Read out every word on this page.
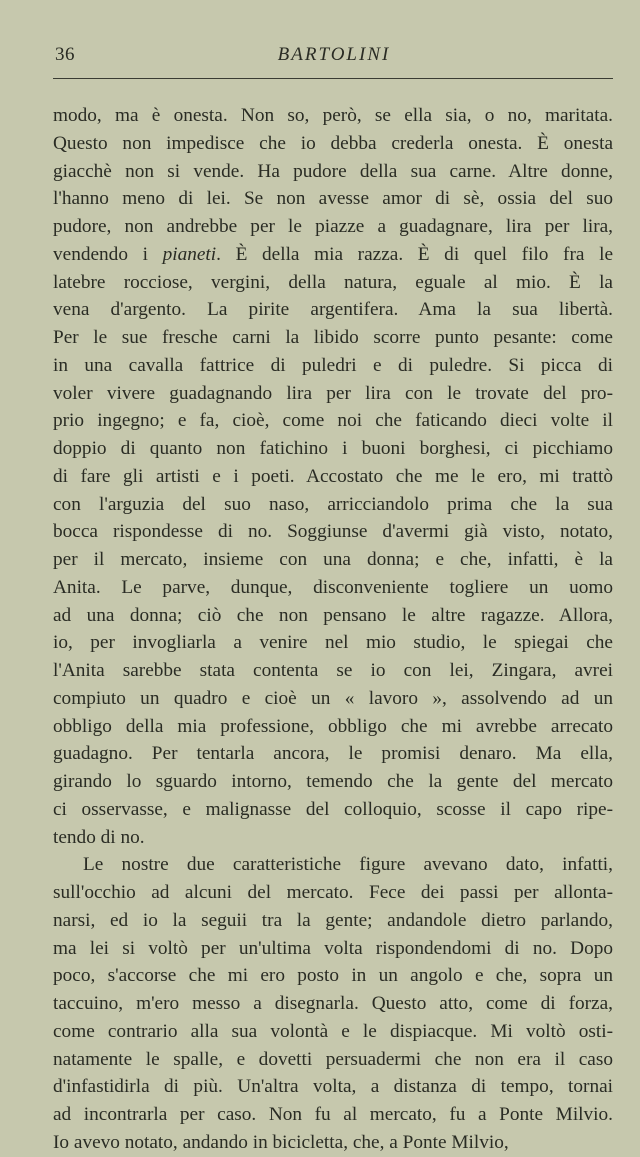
36	BARTOLINI
modo, ma è onesta. Non so, però, se ella sia, o no, maritata.
Questo non impedisce che io debba crederla onesta. È onesta
giacchè non si vende. Ha pudore della sua carne. Altre donne,
l'hanno meno di lei. Se non avesse amor di sè, ossia del suo
pudore, non andrebbe per le piazze a guadagnare, lira per lira,
vendendo i pianeti. È della mia razza. È di quel filo fra le
latebre rocciose, vergini, della natura, eguale al mio. È la
vena d'argento. La pirite argentifera. Ama la sua libertà.
Per le sue fresche carni la libido scorre punto pesante: come
in una cavalla fattrice di puledri e di puledre. Si picca di
voler vivere guadagnando lira per lira con le trovate del pro-
prio ingegno; e fa, cioè, come noi che faticando dieci volte il
doppio di quanto non fatichino i buoni borghesi, ci picchiamo
di fare gli artisti e i poeti. Accostato che me le ero, mi trattò
con l'arguzia del suo naso, arricciandolo prima che la sua
bocca rispondesse di no. Soggiunse d'avermi già visto, notato,
per il mercato, insieme con una donna; e che, infatti, è la
Anita. Le parve, dunque, disconveniente togliere un uomo
ad una donna; ciò che non pensano le altre ragazze. Allora,
io, per invogliarla a venire nel mio studio, le spiegai che
l'Anita sarebbe stata contenta se io con lei, Zingara, avrei
compiuto un quadro e cioè un « lavoro », assolvendo ad un
obbligo della mia professione, obbligo che mi avrebbe arrecato
guadagno. Per tentarla ancora, le promisi denaro. Ma ella,
girando lo sguardo intorno, temendo che la gente del mercato
ci osservasse, e malignasse del colloquio, scosse il capo ripe-
tendo di no.
Le nostre due caratteristiche figure avevano dato, infatti,
sull'occhio ad alcuni del mercato. Fece dei passi per allonta-
narsi, ed io la seguii tra la gente; andandole dietro parlando,
ma lei si voltò per un'ultima volta rispondendomi di no. Dopo
poco, s'accorse che mi ero posto in un angolo e che, sopra un
taccuino, m'ero messo a disegnarla. Questo atto, come di forza,
come contrario alla sua volontà e le dispiacque. Mi voltò osti-
natamente le spalle, e dovetti persuadermi che non era il caso
d'infastidirla di più. Un'altra volta, a distanza di tempo, tornai
ad incontrarla per caso. Non fu al mercato, fu a Ponte Milvio.
Io avevo notato, andando in bicicletta, che, a Ponte Milvio,
